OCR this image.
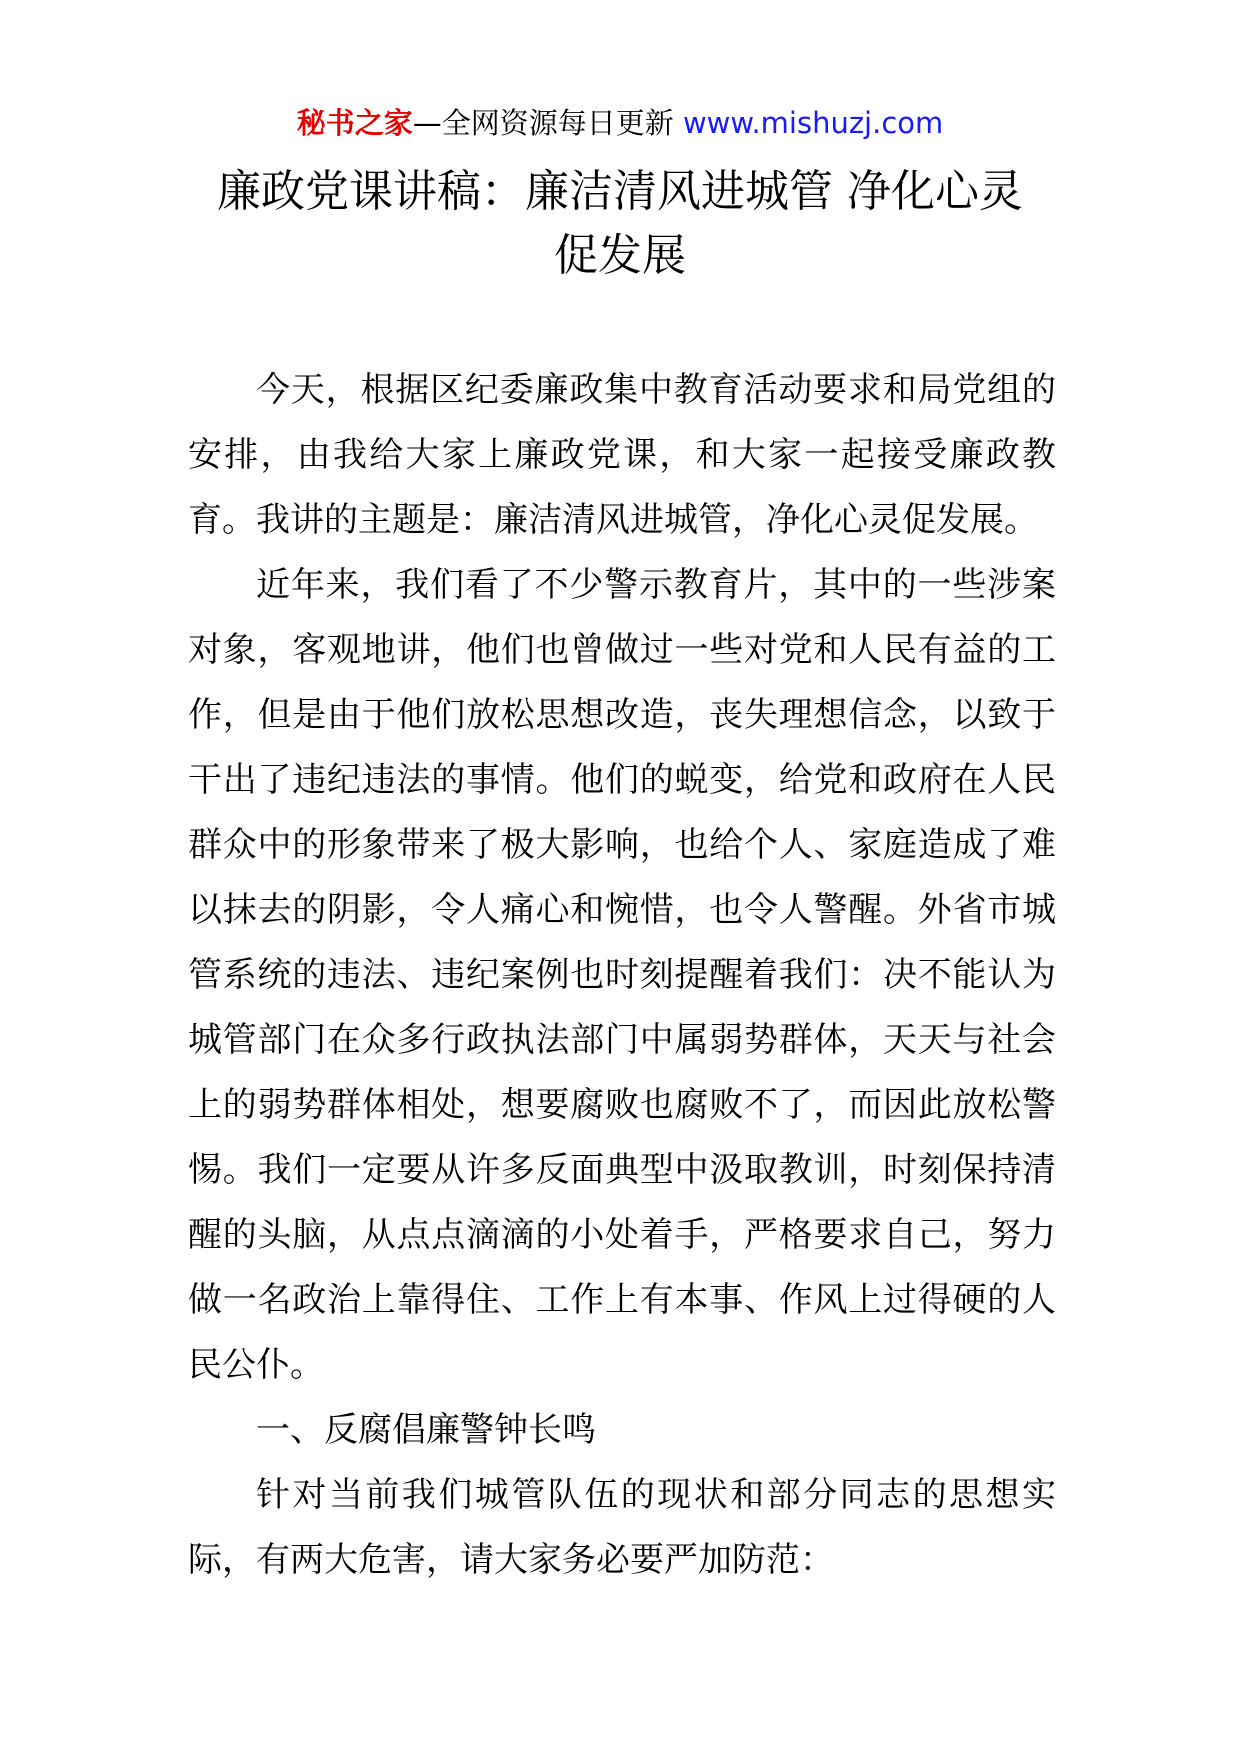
秘书之家—全网资源每日更新 www.mishuzj.com
廉政党课讲稿：廉洁清风进城管 净化心灵
促发展

今天，根据区纪委廉政集中教育活动要求和局党组的安排，由我给大家上廉政党课，和大家一起接受廉政教育。我讲的主题是：廉洁清风进城管，净化心灵促发展。

近年来，我们看了不少警示教育片，其中的一些涉案对象，客观地讲，他们也曾做过一些对党和人民有益的工作，但是由于他们放松思想改造，丧失理想信念，以致于干出了违纪违法的事情。他们的蜕变，给党和政府在人民群众中的形象带来了极大影响，也给个人、家庭造成了难以抹去的阴影，令人痛心和惋惜，也令人警醒。外省市城管系统的违法、违纪案例也时刻提醒着我们：决不能认为城管部门在众多行政执法部门中属弱势群体，天天与社会上的弱势群体相处，想要腐败也腐败不了，而因此放松警惕。我们一定要从许多反面典型中汲取教训，时刻保持清醒的头脑，从点点滴滴的小处着手，严格要求自己，努力做一名政治上靠得住、工作上有本事、作风上过得硬的人民公仆。

一、反腐倡廉警钟长鸣

针对当前我们城管队伍的现状和部分同志的思想实际，有两大危害，请大家务必要严加防范：
